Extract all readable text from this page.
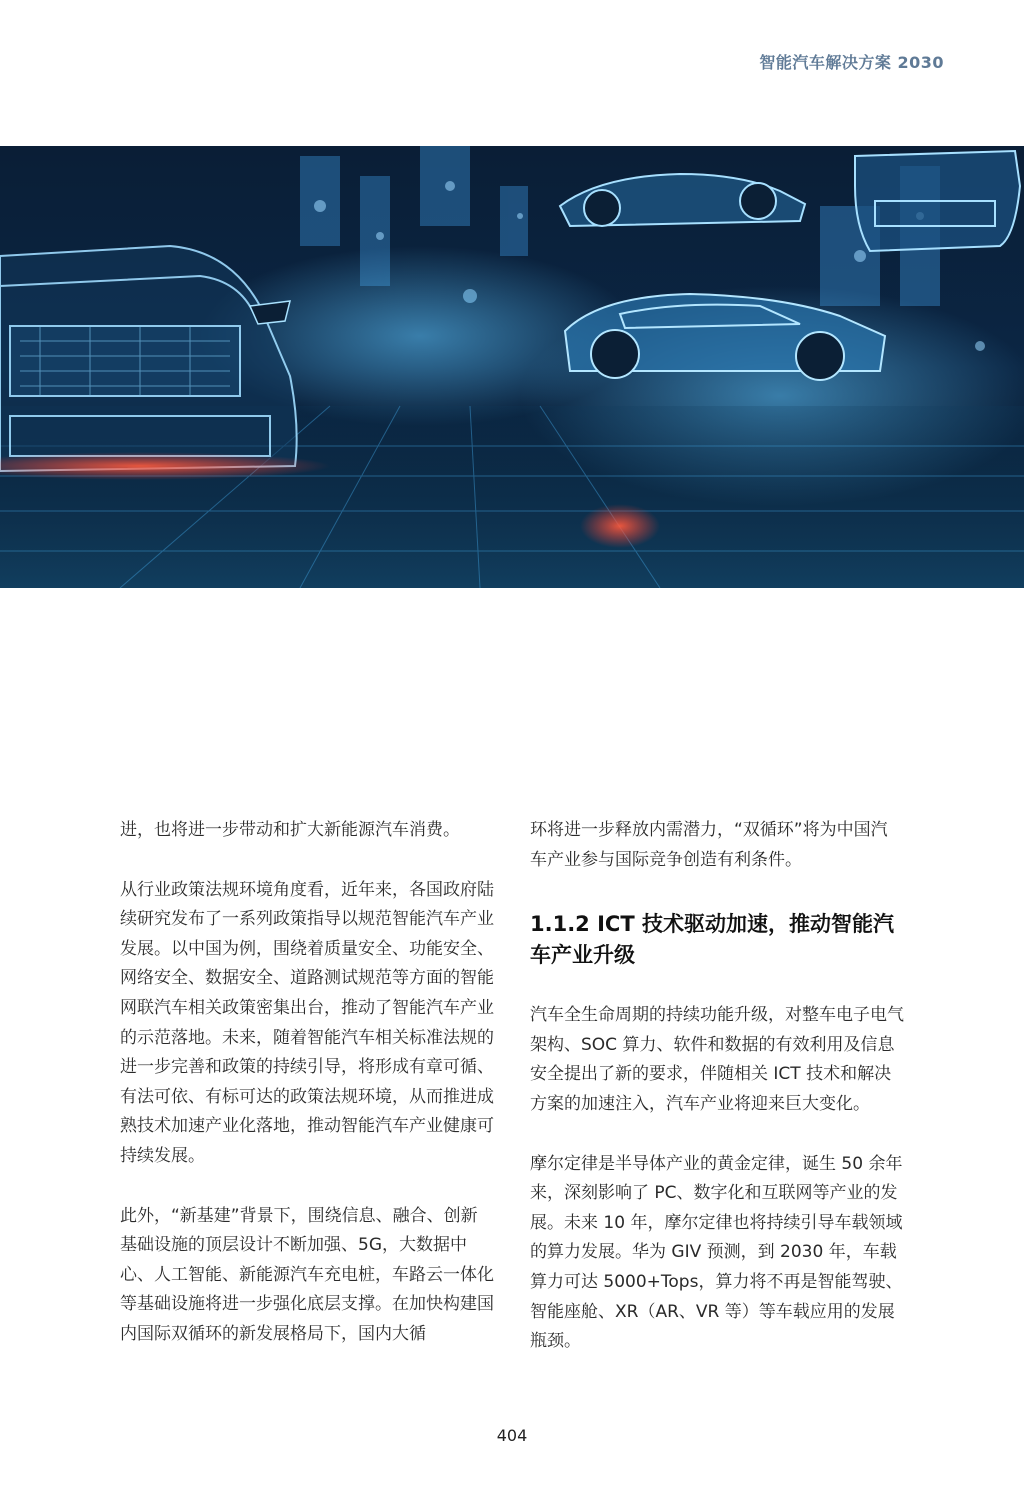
智能汽车解决方案 2030

进，也将进一步带动和扩大新能源汽车消费。

从行业政策法规环境角度看，近年来，各国政府陆续研究发布了一系列政策指导以规范智能汽车产业发展。以中国为例，围绕着质量安全、功能安全、网络安全、数据安全、道路测试规范等方面的智能网联汽车相关政策密集出台，推动了智能汽车产业的示范落地。未来，随着智能汽车相关标准法规的进一步完善和政策的持续引导，将形成有章可循、有法可依、有标可达的政策法规环境，从而推进成熟技术加速产业化落地，推动智能汽车产业健康可持续发展。

此外，“新基建”背景下，围绕信息、融合、创新基础设施的顶层设计不断加强、5G，大数据中心、人工智能、新能源汽车充电桩，车路云一体化等基础设施将进一步强化底层支撑。在加快构建国内国际双循环的新发展格局下，国内大循

环将进一步释放内需潜力，“双循环”将为中国汽车产业参与国际竞争创造有利条件。

1.1.2 ICT 技术驱动加速，推动智能汽车产业升级

汽车全生命周期的持续功能升级，对整车电子电气架构、SOC 算力、软件和数据的有效利用及信息安全提出了新的要求，伴随相关 ICT 技术和解决方案的加速注入，汽车产业将迎来巨大变化。

摩尔定律是半导体产业的黄金定律，诞生 50 余年来，深刻影响了 PC、数字化和互联网等产业的发展。未来 10 年，摩尔定律也将持续引导车载领域的算力发展。华为 GIV 预测，到 2030 年，车载算力可达 5000+Tops，算力将不再是智能驾驶、智能座舱、XR（AR、VR 等）等车载应用的发展瓶颈。

404
